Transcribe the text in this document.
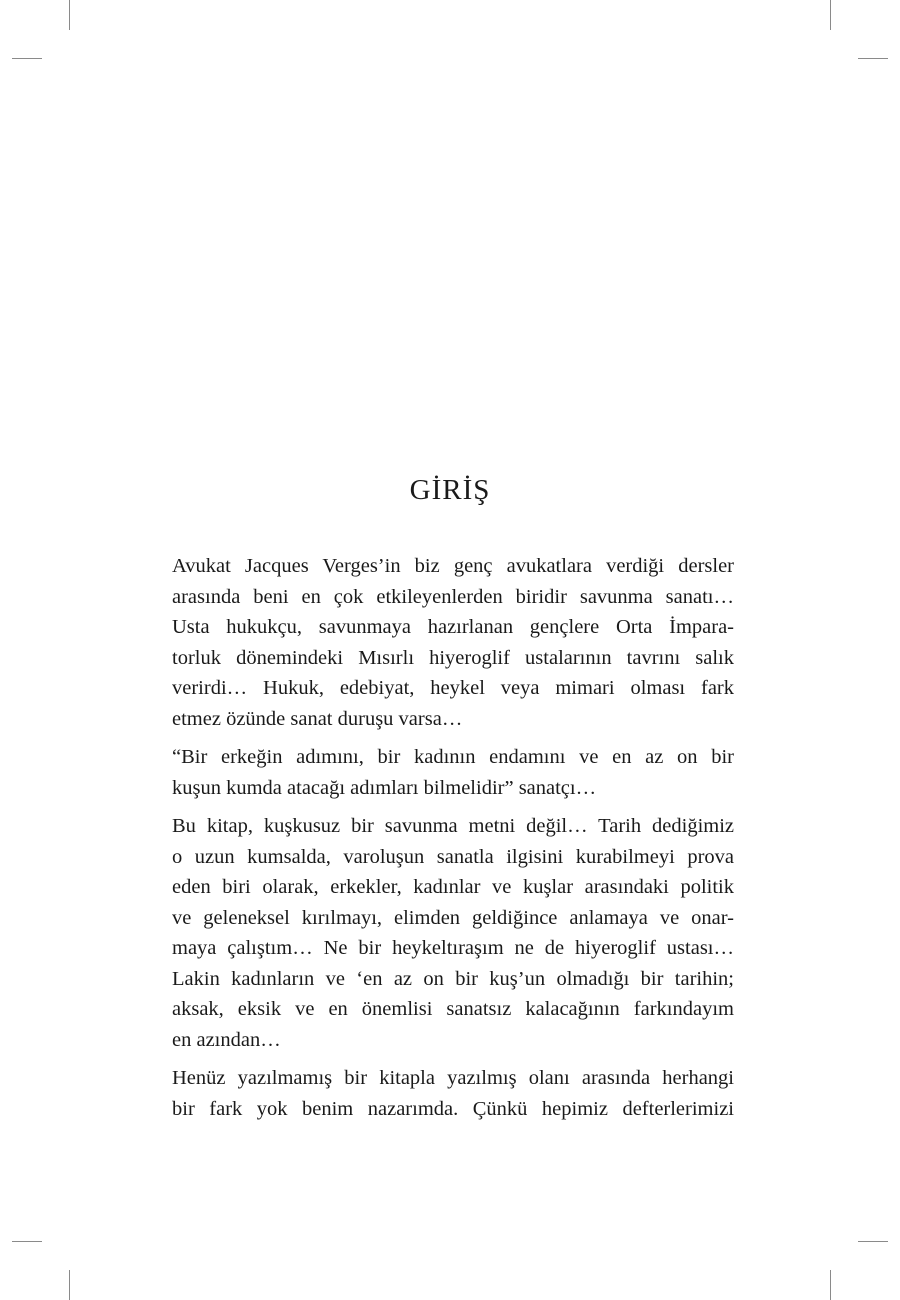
GİRİŞ

Avukat Jacques Verges’in biz genç avukatlara verdiği dersler
arasında beni en çok etkileyenlerden biridir savunma sanatı…
Usta hukukçu, savunmaya hazırlanan gençlere Orta İmpara-
torluk dönemindeki Mısırlı hiyeroglif ustalarının tavrını salık
verirdi… Hukuk, edebiyat, heykel veya mimari olması fark
etmez özünde sanat duruşu varsa…

“Bir erkeğin adımını, bir kadının endamını ve en az on bir
kuşun kumda atacağı adımları bilmelidir” sanatçı…

Bu kitap, kuşkusuz bir savunma metni değil… Tarih dediğimiz
o uzun kumsalda, varoluşun sanatla ilgisini kurabilmeyi prova
eden biri olarak, erkekler, kadınlar ve kuşlar arasındaki politik
ve geleneksel kırılmayı, elimden geldiğince anlamaya ve onar-
maya çalıştım… Ne bir heykeltıraşım ne de hiyeroglif ustası…
Lakin kadınların ve ‘en az on bir kuş’un olmadığı bir tarihin;
aksak, eksik ve en önemlisi sanatsız kalacağının farkındayım
en azından…

Henüz yazılmamış bir kitapla yazılmış olanı arasında herhangi
bir fark yok benim nazarımda. Çünkü hepimiz defterlerimizi
